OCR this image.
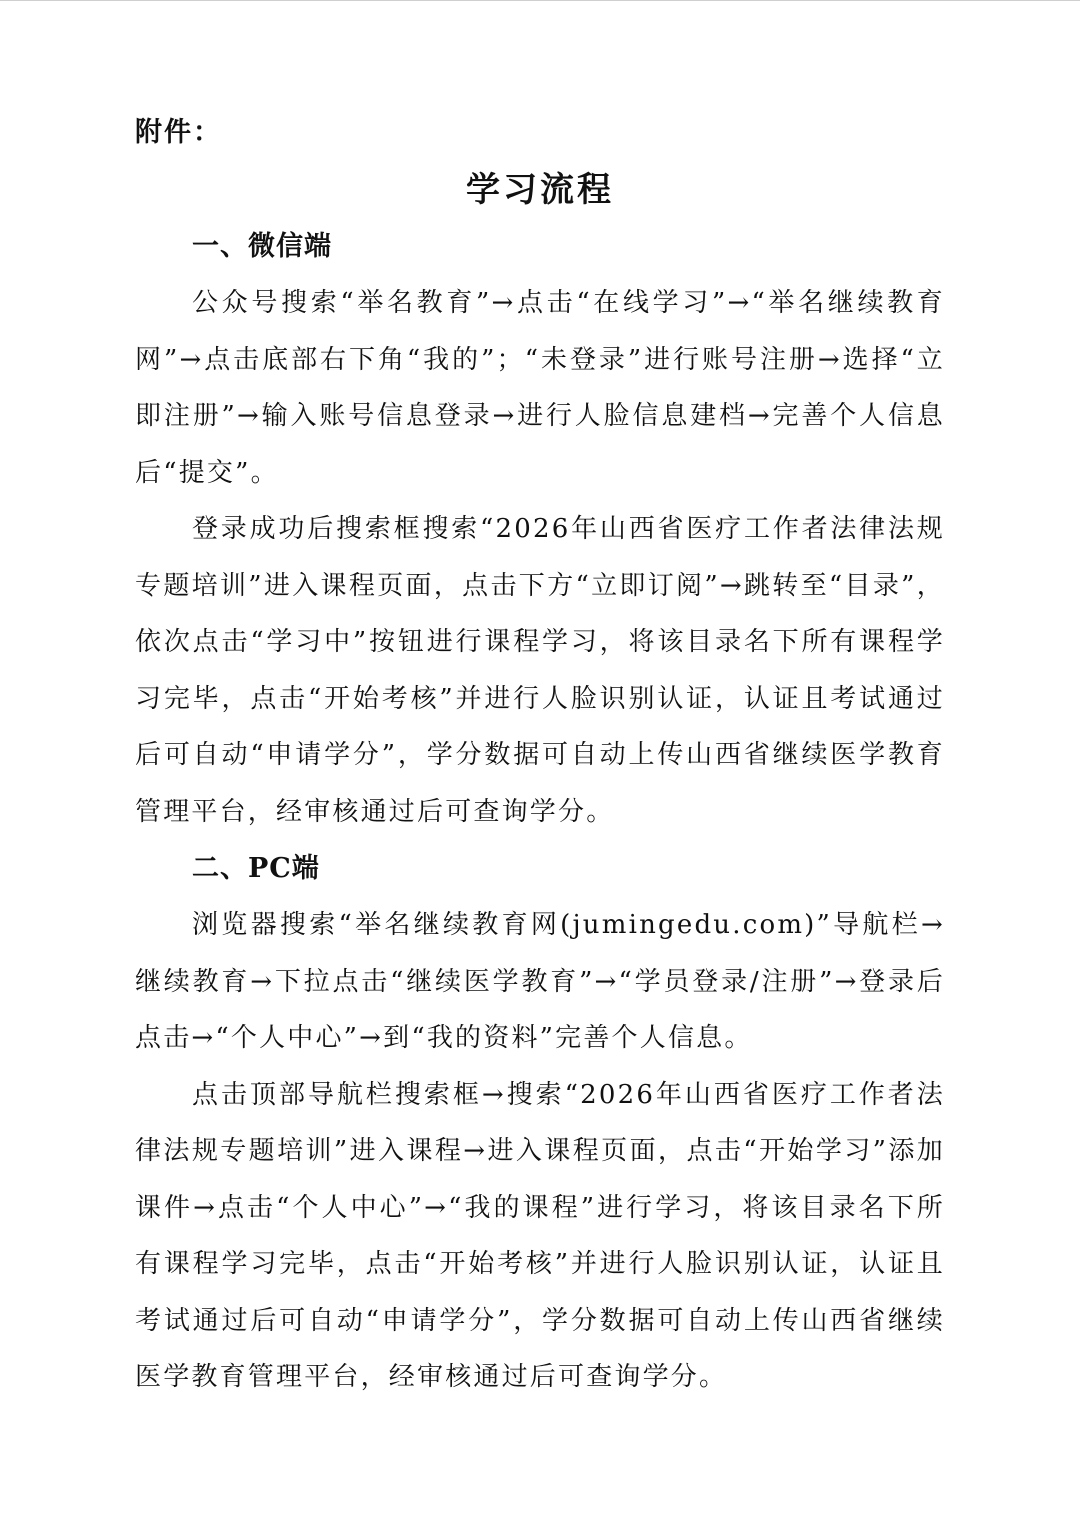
附件：
学习流程
一、微信端

公众号搜索“举名教育”→点击“在线学习”→“举名继续教育网”→点击底部右下角“我的”；“未登录”进行账号注册→选择“立即注册”→输入账号信息登录→进行人脸信息建档→完善个人信息后“提交”。

登录成功后搜索框搜索“2026年山西省医疗工作者法律法规专题培训”进入课程页面，点击下方“立即订阅”→跳转至“目录”，依次点击“学习中”按钮进行课程学习，将该目录名下所有课程学习完毕，点击“开始考核”并进行人脸识别认证，认证且考试通过后可自动“申请学分”，学分数据可自动上传山西省继续医学教育管理平台，经审核通过后可查询学分。

二、PC端

浏览器搜索“举名继续教育网(jumingedu.com)”导航栏→继续教育→下拉点击“继续医学教育”→“学员登录/注册”→登录后点击→“个人中心”→到“我的资料”完善个人信息。

点击顶部导航栏搜索框→搜索“2026年山西省医疗工作者法律法规专题培训”进入课程→进入课程页面，点击“开始学习”添加课件→点击“个人中心”→“我的课程”进行学习，将该目录名下所有课程学习完毕，点击“开始考核”并进行人脸识别认证，认证且考试通过后可自动“申请学分”，学分数据可自动上传山西省继续医学教育管理平台，经审核通过后可查询学分。
